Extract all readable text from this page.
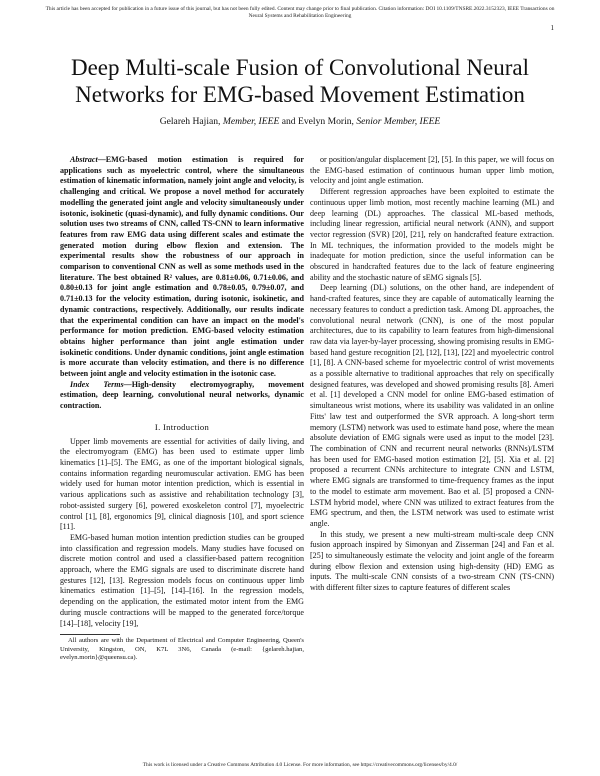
This article has been accepted for publication in a future issue of this journal, but has not been fully edited. Content may change prior to final publication. Citation information: DOI 10.1109/TNSRE.2022.3152323, IEEE Transactions on Neural Systems and Rehabilitation Engineering
1
Deep Multi-scale Fusion of Convolutional Neural Networks for EMG-based Movement Estimation
Gelareh Hajian, Member, IEEE and Evelyn Morin, Senior Member, IEEE

Abstract—EMG-based motion estimation is required for applications such as myoelectric control, where the simultaneous estimation of kinematic information, namely joint angle and velocity, is challenging and critical. We propose a novel method for accurately modelling the generated joint angle and velocity simultaneously under isotonic, isokinetic (quasi-dynamic), and fully dynamic conditions. Our solution uses two streams of CNN, called TS-CNN to learn informative features from raw EMG data using different scales and estimate the generated motion during elbow flexion and extension. The experimental results show the robustness of our approach in comparison to conventional CNN as well as some methods used in the literature. The best obtained R² values, are 0.81±0.06, 0.71±0.06, and 0.80±0.13 for joint angle estimation and 0.78±0.05, 0.79±0.07, and 0.71±0.13 for the velocity estimation, during isotonic, isokinetic, and dynamic contractions, respectively. Additionally, our results indicate that the experimental condition can have an impact on the model's performance for motion prediction. EMG-based velocity estimation obtains higher performance than joint angle estimation under isokinetic conditions. Under dynamic conditions, joint angle estimation is more accurate than velocity estimation, and there is no difference between joint angle and velocity estimation in the isotonic case.

Index Terms—High-density electromyography, movement estimation, deep learning, convolutional neural networks, dynamic contraction.

I. Introduction

Upper limb movements are essential for activities of daily living, and the electromyogram (EMG) has been used to estimate upper limb kinematics [1]–[5]. The EMG, as one of the important biological signals, contains information regarding neuromuscular activation. EMG has been widely used for human motor intention prediction, which is essential in various applications such as assistive and rehabilitation technology [3], robot-assisted surgery [6], powered exoskeleton control [7], myoelectric control [1], [8], ergonomics [9], clinical diagnosis [10], and sport science [11].

EMG-based human motion intention prediction studies can be grouped into classification and regression models. Many studies have focused on discrete motion control and used a classifier-based pattern recognition approach, where the EMG signals are used to discriminate discrete hand gestures [12], [13]. Regression models focus on continuous upper limb kinematics estimation [1]–[5], [14]–[16]. In the regression models, depending on the application, the estimated motor intent from the EMG during muscle contractions will be mapped to the generated force/torque [14]–[18], velocity [19],

All authors are with the Department of Electrical and Computer Engineering, Queen's University, Kingston, ON, K7L 3N6, Canada (e-mail: {gelareh.hajian, evelyn.morin}@queensu.ca).

or position/angular displacement [2], [5]. In this paper, we will focus on the EMG-based estimation of continuous human upper limb motion, velocity and joint angle estimation.

Different regression approaches have been exploited to estimate the continuous upper limb motion, most recently machine learning (ML) and deep learning (DL) approaches. The classical ML-based methods, including linear regression, artificial neural network (ANN), and support vector regression (SVR) [20], [21], rely on handcrafted feature extraction. In ML techniques, the information provided to the models might be inadequate for motion prediction, since the useful information can be obscured in handcrafted features due to the lack of feature engineering ability and the stochastic nature of sEMG signals [5].

Deep learning (DL) solutions, on the other hand, are independent of hand-crafted features, since they are capable of automatically learning the necessary features to conduct a prediction task. Among DL approaches, the convolutional neural network (CNN), is one of the most popular architectures, due to its capability to learn features from high-dimensional raw data via layer-by-layer processing, showing promising results in EMG-based hand gesture recognition [2], [12], [13], [22] and myoelectric control [1], [8]. A CNN-based scheme for myoelectric control of wrist movements as a possible alternative to traditional approaches that rely on specifically designed features, was developed and showed promising results [8]. Ameri et al. [1] developed a CNN model for online EMG-based estimation of simultaneous wrist motions, where its usability was validated in an online Fitts' law test and outperformed the SVR approach. A long-short term memory (LSTM) network was used to estimate hand pose, where the mean absolute deviation of EMG signals were used as input to the model [23]. The combination of CNN and recurrent neural networks (RNNs)/LSTM has been used for EMG-based motion estimation [2], [5]. Xia et al. [2] proposed a recurrent CNNs architecture to integrate CNN and LSTM, where EMG signals are transformed to time-frequency frames as the input to the model to estimate arm movement. Bao et al. [5] proposed a CNN-LSTM hybrid model, where CNN was utilized to extract features from the EMG spectrum, and then, the LSTM network was used to estimate wrist angle.

In this study, we present a new multi-stream multi-scale deep CNN fusion approach inspired by Simonyan and Zisserman [24] and Fan et al. [25] to simultaneously estimate the velocity and joint angle of the forearm during elbow flexion and extension using high-density (HD) EMG as inputs. The multi-scale CNN consists of a two-stream CNN (TS-CNN) with different filter sizes to capture features of different scales

This work is licensed under a Creative Commons Attribution 4.0 License. For more information, see https://creativecommons.org/licenses/by/4.0/
